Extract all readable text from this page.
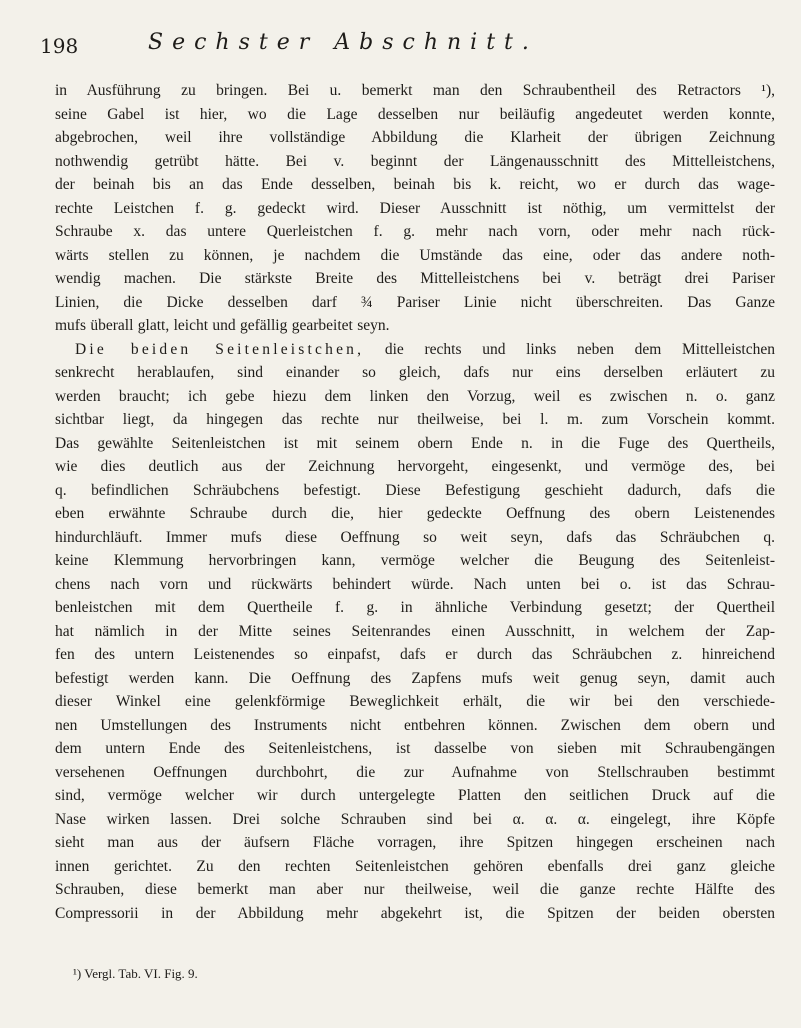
198	Sechster Abschnitt.
in Ausführung zu bringen. Bei u. bemerkt man den Schraubentheil des Retractors ¹),
seine Gabel ist hier, wo die Lage desselben nur beiläufig angedeutet werden konnte,
abgebrochen, weil ihre vollständige Abbildung die Klarheit der übrigen Zeichnung
nothwendig getrübt hätte. Bei v. beginnt der Längenausschnitt des Mittelleistchens,
der beinah bis an das Ende desselben, beinah bis k. reicht, wo er durch das wage-
rechte Leistchen f. g. gedeckt wird. Dieser Ausschnitt ist nöthig, um vermittelst der
Schraube x. das untere Querleistchen f. g. mehr nach vorn, oder mehr nach rück-
wärts stellen zu können, je nachdem die Umstände das eine, oder das andere noth-
wendig machen. Die stärkste Breite des Mittelleistchens bei v. beträgt drei Pariser
Linien, die Dicke desselben darf ¾ Pariser Linie nicht überschreiten. Das Ganze
mufs überall glatt, leicht und gefällig gearbeitet seyn.
Die beiden Seitenleistchen, die rechts und links neben dem Mittelleistchen
senkrecht herablaufen, sind einander so gleich, dafs nur eins derselben erläutert zu
werden braucht; ich gebe hiezu dem linken den Vorzug, weil es zwischen n. o. ganz
sichtbar liegt, da hingegen das rechte nur theilweise, bei l. m. zum Vorschein kommt.
Das gewählte Seitenleistchen ist mit seinem obern Ende n. in die Fuge des Quertheils,
wie dies deutlich aus der Zeichnung hervorgeht, eingesenkt, und vermöge des, bei
q. befindlichen Schräubchens befestigt. Diese Befestigung geschieht dadurch, dafs die
eben erwähnte Schraube durch die, hier gedeckte Oeffnung des obern Leistenendes
hindurchläuft. Immer mufs diese Oeffnung so weit seyn, dafs das Schräubchen q.
keine Klemmung hervorbringen kann, vermöge welcher die Beugung des Seitenleist-
chens nach vorn und rückwärts behindert würde. Nach unten bei o. ist das Schrau-
benleistchen mit dem Quertheile f. g. in ähnliche Verbindung gesetzt; der Quertheil
hat nämlich in der Mitte seines Seitenrandes einen Ausschnitt, in welchem der Zap-
fen des untern Leistenendes so einpafst, dafs er durch das Schräubchen z. hinreichend
befestigt werden kann. Die Oeffnung des Zapfens mufs weit genug seyn, damit auch
dieser Winkel eine gelenkförmige Beweglichkeit erhält, die wir bei den verschiede-
nen Umstellungen des Instruments nicht entbehren können. Zwischen dem obern und
dem untern Ende des Seitenleistchens, ist dasselbe von sieben mit Schraubengängen
versehenen Oeffnungen durchbohrt, die zur Aufnahme von Stellschrauben bestimmt
sind, vermöge welcher wir durch untergelegte Platten den seitlichen Druck auf die
Nase wirken lassen. Drei solche Schrauben sind bei α. α. α. eingelegt, ihre Köpfe
sieht man aus der äufsern Fläche vorragen, ihre Spitzen hingegen erscheinen nach
innen gerichtet. Zu den rechten Seitenleistchen gehören ebenfalls drei ganz gleiche
Schrauben, diese bemerkt man aber nur theilweise, weil die ganze rechte Hälfte des
Compressorii in der Abbildung mehr abgekehrt ist, die Spitzen der beiden obersten
¹) Vergl. Tab. VI. Fig. 9.
